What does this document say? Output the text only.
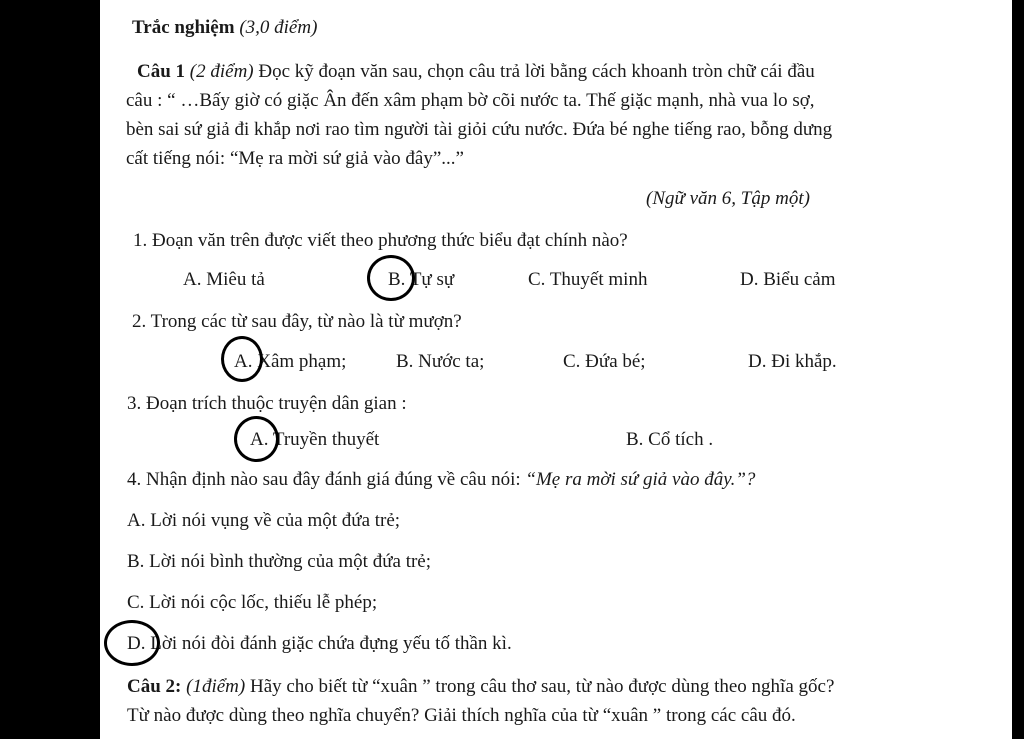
Trắc nghiệm (3,0 điểm)
Câu 1 (2 điểm) Đọc kỹ đoạn văn sau, chọn câu trả lời bằng cách khoanh tròn chữ cái đầu
câu : “ …Bấy giờ có giặc Ân đến xâm phạm bờ cõi nước ta. Thế giặc mạnh, nhà vua lo sợ,
bèn sai sứ giả đi khắp nơi rao tìm người tài giỏi cứu nước. Đứa bé nghe tiếng rao, bỗng dưng
cất tiếng nói: “Mẹ ra mời sứ giả vào đây”...”
(Ngữ văn 6, Tập một)
1. Đoạn văn trên được viết theo phương thức biểu đạt chính nào?
A. Miêu tả	B. Tự sự	C. Thuyết minh	D. Biểu cảm
2. Trong các từ sau đây, từ nào là từ mượn?
A. Xâm phạm;	B. Nước ta;	C. Đứa bé;	D. Đi khắp.
3. Đoạn trích thuộc truyện dân gian :
A. Truyền thuyết	B. Cổ tích .
4. Nhận định nào sau đây đánh giá đúng về câu nói: “Mẹ ra mời sứ giả vào đây.”?
A. Lời nói vụng về của một đứa trẻ;
B. Lời nói bình thường của một đứa trẻ;
C. Lời nói cộc lốc, thiếu lễ phép;
D. Lời nói đòi đánh giặc chứa đựng yếu tố thần kì.
Câu 2: (1điểm) Hãy cho biết từ “xuân ” trong câu thơ sau, từ nào được dùng theo nghĩa gốc?
Từ nào được dùng theo nghĩa chuyển? Giải thích nghĩa của từ “xuân ” trong các câu đó.
